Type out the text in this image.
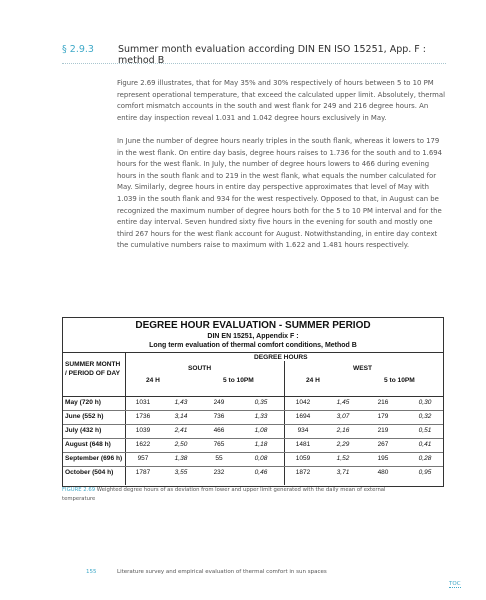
§ 2.9.3	Summer month evaluation according DIN EN ISO 15251, App. F : method B

Figure 2.69 illustrates, that for May 35% and 30% respectively of hours between 5 to 10 PM represent operational temperature, that exceed the calculated upper limit. Absolutely, thermal comfort mismatch accounts in the south and west flank for 249 and 216 degree hours. An entire day inspection reveal 1.031 and 1.042 degree hours exclusively in May.

In June the number of degree hours nearly triples in the south flank, whereas it lowers to 179 in the west flank. On entire day basis, degree hours raises to 1.736 for the south and to 1.694 hours for the west flank. In July, the number of degree hours lowers to 466 during evening hours in the south flank and to 219 in the west flank, what equals the number calculated for May. Similarly, degree hours in entire day perspective approximates that level of May with 1.039 in the south flank and 934 for the west respectively. Opposed to that, in August can be recognized the maximum number of degree hours both for the 5 to 10 PM interval and for the entire day interval. Seven hundred sixty five hours in the evening for south and mostly one third 267 hours for the west flank account for August. Notwithstanding, in entire day context the cumulative numbers raise to maximum with 1.622 and 1.481 hours respectively.

DEGREE HOUR EVALUATION - SUMMER PERIOD
DIN EN 15251, Appendix F :
Long term evaluation of thermal comfort conditions, Method B
SUMMER MONTH
/ PERIOD OF DAY
DEGREE HOURS
SOUTH	WEST
24 H	5 to 10PM	24 H	5 to 10PM
May (720 h)	1031	1,43	249	0,35	1042	1,45	216	0,30
June (552 h)	1736	3,14	736	1,33	1694	3,07	179	0,32
July (432 h)	1039	2,41	466	1,08	934	2,16	219	0,51
August (648 h)	1622	2,50	765	1,18	1481	2,29	267	0,41
September (696 h)	957	1,38	55	0,08	1059	1,52	195	0,28
October (504 h)	1787	3,55	232	0,46	1872	3,71	480	0,95
FIGURE 2.69 Weighted degree hours of as deviation from lower and upper limit generated with the daily mean of external temperature
155	Literature survey and empirical evaluation of thermal comfort in sun spaces
TOC
